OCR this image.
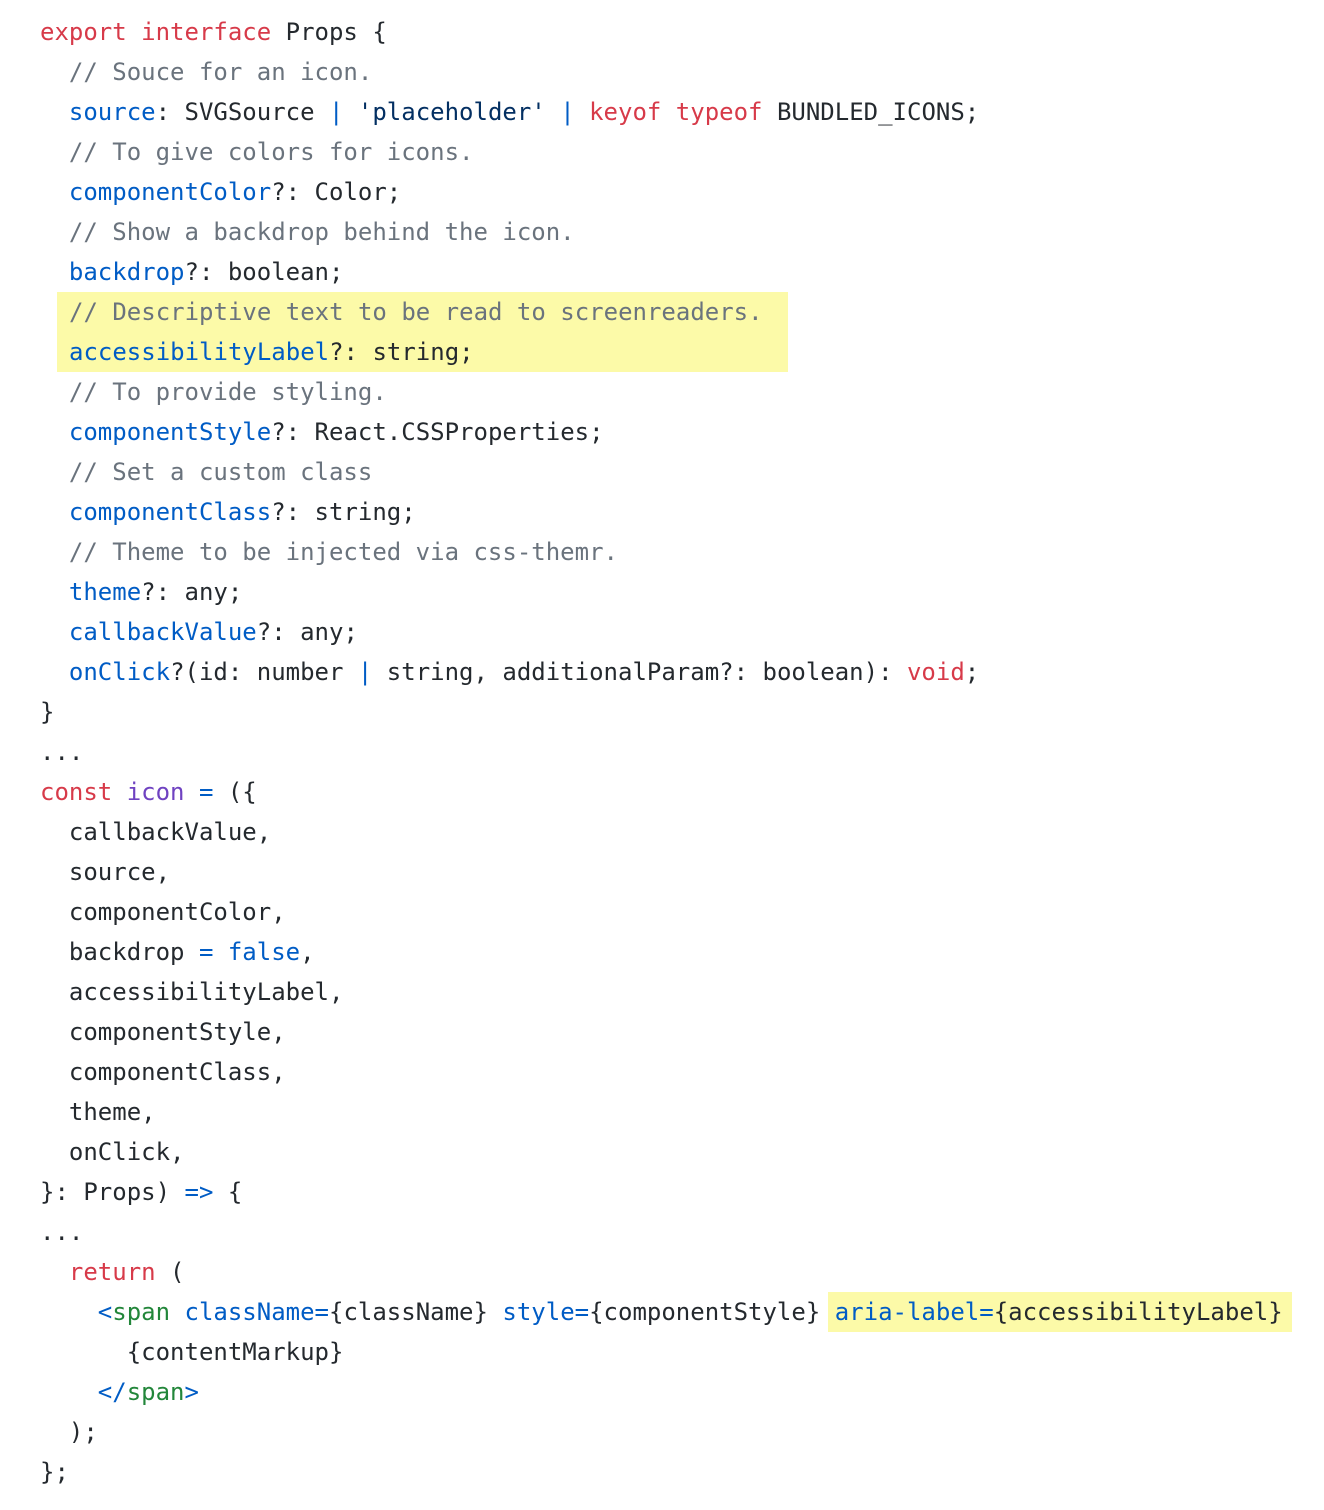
export interface Props {
// Souce for an icon.
source: SVGSource | 'placeholder' | keyof typeof BUNDLED_ICONS;
// To give colors for icons.
componentColor?: Color;
// Show a backdrop behind the icon.
backdrop?: boolean;
// Descriptive text to be read to screenreaders.
accessibilityLabel?: string;
// To provide styling.
componentStyle?: React.CSSProperties;
// Set a custom class
componentClass?: string;
// Theme to be injected via css-themr.
theme?: any;
callbackValue?: any;
onClick?(id: number | string, additionalParam?: boolean): void;
}
...
const icon = ({
callbackValue,
source,
componentColor,
backdrop = false,
accessibilityLabel,
componentStyle,
componentClass,
theme,
onClick,
}: Props) => {
...
return (
<span className={className} style={componentStyle} aria-label={accessibilityLabel}
{contentMarkup}
</span>
);
};
